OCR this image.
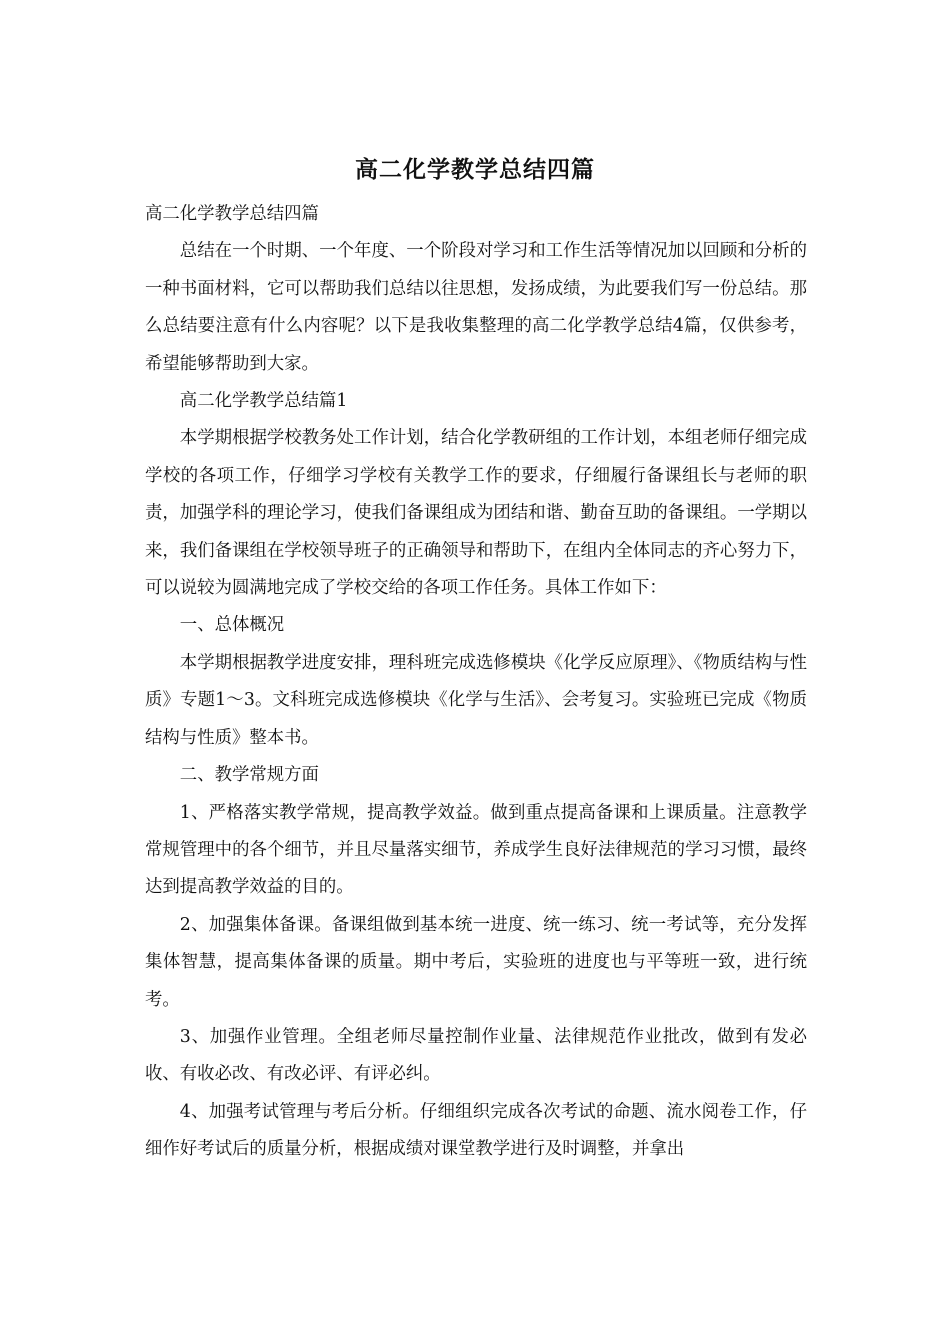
高二化学教学总结四篇

高二化学教学总结四篇

总结在一个时期、一个年度、一个阶段对学习和工作生活等情况加以回顾和分析的一种书面材料，它可以帮助我们总结以往思想，发扬成绩，为此要我们写一份总结。那么总结要注意有什么内容呢？以下是我收集整理的高二化学教学总结4篇，仅供参考，希望能够帮助到大家。

高二化学教学总结篇1

本学期根据学校教务处工作计划，结合化学教研组的工作计划，本组老师仔细完成学校的各项工作，仔细学习学校有关教学工作的要求，仔细履行备课组长与老师的职责，加强学科的理论学习，使我们备课组成为团结和谐、勤奋互助的备课组。一学期以来，我们备课组在学校领导班子的正确领导和帮助下，在组内全体同志的齐心努力下，可以说较为圆满地完成了学校交给的各项工作任务。具体工作如下：

一、总体概况

本学期根据教学进度安排，理科班完成选修模块《化学反应原理》、《物质结构与性质》专题1～3。文科班完成选修模块《化学与生活》、会考复习。实验班已完成《物质结构与性质》整本书。

二、教学常规方面

1、严格落实教学常规，提高教学效益。做到重点提高备课和上课质量。注意教学常规管理中的各个细节，并且尽量落实细节，养成学生良好法律规范的学习习惯，最终达到提高教学效益的目的。

2、加强集体备课。备课组做到基本统一进度、统一练习、统一考试等，充分发挥集体智慧，提高集体备课的质量。期中考后，实验班的进度也与平等班一致，进行统考。

3、加强作业管理。全组老师尽量控制作业量、法律规范作业批改，做到有发必收、有收必改、有改必评、有评必纠。

4、加强考试管理与考后分析。仔细组织完成各次考试的命题、流水阅卷工作，仔细作好考试后的质量分析，根据成绩对课堂教学进行及时调整，并拿出
